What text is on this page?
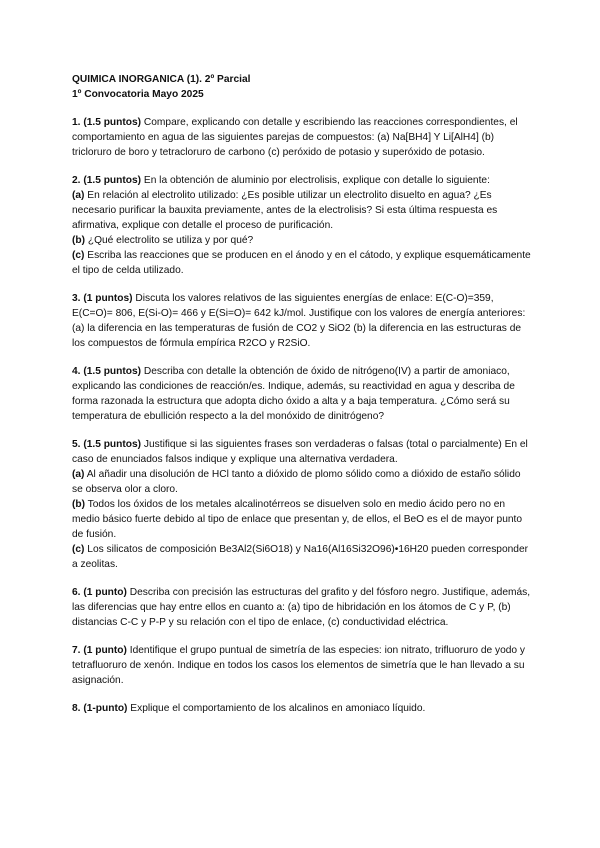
QUIMICA INORGANICA (1). 2º Parcial
1º Convocatoria Mayo 2025

1. (1.5 puntos) Compare, explicando con detalle y escribiendo las reacciones correspondientes, el comportamiento en agua de las siguientes parejas de compuestos: (a) Na[BH4] Y Li[AlH4] (b) tricloruro de boro y tetracloruro de carbono (c) peróxido de potasio y superóxido de potasio.

2. (1.5 puntos) En la obtención de aluminio por electrolisis, explique con detalle lo siguiente:

(a) En relación al electrolito utilizado: ¿Es posible utilizar un electrolito disuelto en agua? ¿Es necesario purificar la bauxita previamente, antes de la electrolisis? Si esta última respuesta es afirmativa, explique con detalle el proceso de purificación.

(b) ¿Qué electrolito se utiliza y por qué?

(c) Escriba las reacciones que se producen en el ánodo y en el cátodo, y explique esquemáticamente el tipo de celda utilizado.

3. (1 puntos) Discuta los valores relativos de las siguientes energías de enlace: E(C-O)=359, E(C=O)= 806, E(Si-O)= 466 y E(Si=O)= 642 kJ/mol. Justifique con los valores de energía anteriores: (a) la diferencia en las temperaturas de fusión de CO2 y SiO2 (b) la diferencia en las estructuras de los compuestos de fórmula empírica R2CO y R2SiO.

4. (1.5 puntos) Describa con detalle la obtención de óxido de nitrógeno(IV) a partir de amoniaco, explicando las condiciones de reacción/es. Indique, además, su reactividad en agua y describa de forma razonada la estructura que adopta dicho óxido a alta y a baja temperatura. ¿Cómo será su temperatura de ebullición respecto a la del monóxido de dinitrógeno?

5. (1.5 puntos) Justifique si las siguientes frases son verdaderas o falsas (total o parcialmente) En el caso de enunciados falsos indique y explique una alternativa verdadera.

(a) Al añadir una disolución de HCl tanto a dióxido de plomo sólido como a dióxido de estaño sólido se observa olor a cloro.

(b) Todos los óxidos de los metales alcalinotérreos se disuelven solo en medio ácido pero no en medio básico fuerte debido al tipo de enlace que presentan y, de ellos, el BeO es el de mayor punto de fusión.

(c) Los silicatos de composición Be3Al2(Si6O18) y Na16(Al16Si32O96)•16H20 pueden corresponder a zeolitas.

6. (1 punto) Describa con precisión las estructuras del grafito y del fósforo negro. Justifique, además, las diferencias que hay entre ellos en cuanto a: (a) tipo de hibridación en los átomos de C y P, (b) distancias C-C y P-P y su relación con el tipo de enlace, (c) conductividad eléctrica.

7. (1 punto) Identifique el grupo puntual de simetría de las especies: ion nitrato, trifluoruro de yodo y tetrafluoruro de xenón. Indique en todos los casos los elementos de simetría que le han llevado a su asignación.

8. (1-punto) Explique el comportamiento de los alcalinos en amoniaco líquido.
